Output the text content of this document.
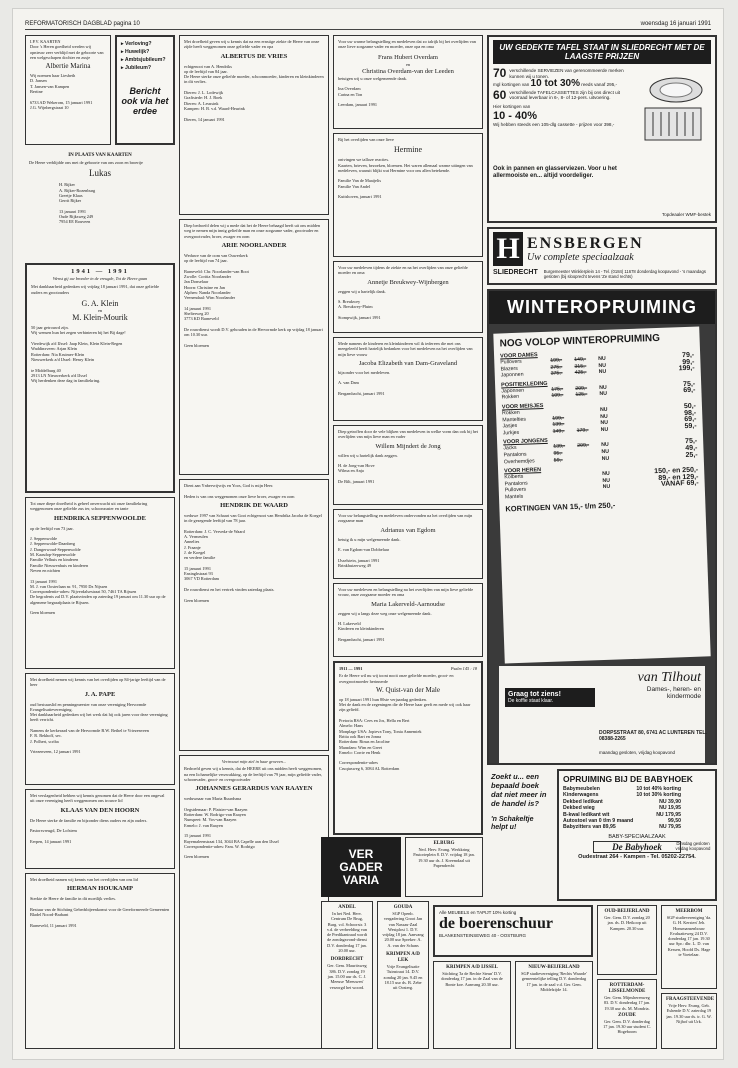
REFORMATORISCH DAGBLAD pagina 10	woensdag 16 januari 1991
I.P.V. KAARTEN
Door 's Heren goedheid werden wij opnieuw zeer verblijd met de geboorte van een welgeschapen dochter en zusje
Albertie Marina
Wij noemen haar Liesbeth
D. Jansen
T. Jansen-van Kampen
Bertine

6733 AD Wekerom, 15 januari 1991
J.G. Wijnbergstraat 10
▸ Verloving?
▸ Huwelijk?
▸ Ambtsjubileum?
▸ Jubileum?
Bericht ook via het erdee
IN PLAATS VAN KAARTEN
De Heere verblijdde ons met de geboorte van ons zoon en broertje
Lukas
H. Rijker
A. Rijker-Rozenburg
Greetje Klaas
Gerrit Rijker

13 januari 1991
Oude Rijksweg 249
7954 EE Rouveen
1941 — 1991
Wenst gij uw broeder in de vreugde, Tot de Heere gaan
Met dankbaarheid gedenken wij vrijdag 18 januari 1991, dat onze geliefde ouders en grootouders
G. A. Klein
en
M. Klein-Mourik
50 jaar getrouwd zijn.
Wij wensen hun het zegen verbinteren bij het Bij dage!

Vierdewijk a/d IJssel: Jaap Klein, Klein Klein-Regen
Waddinxveen: Arjan Klein
Rotterdam: Nia Kruimer-Klein
Nieuwerkerk a/d IJssel: Henry Klein

te Middelburg 40
2913 LN Nieuwerkerk a/d IJssel
Wij herdenken deze dag in familiekring.
Tot onze diepe droefheid is geheel onverwacht uit onze familiekring weggenomen onze geliefde zus ter, schoonzuster en tante
HENDRIKA SEPPENWOOLDE
op de leeftijd van 73 jaar.

J. Seppenwolde
J. Seppenwolde-Daanberg
J. Dangerwoud-Seppenwolde
M. Kaasdop-Seppenwolde
Familie Velhuis en kinderen
Familie Nieuwenhuis en kinderen
Neven en nichten

13 januari 1991
M. J. van Oosterlaan nr. 91, 7950 Dz Nijssen
Correspondentie-adres: Nijverdalsestraat 50, 7461 TA Rijssen
De begrafenis zal D.V. plaatsvinden op zaterdag 19 januari om 11.30 uur op de algemene begraafplaats te Rijssen.

Geen bloemen
Met droefheid nemen wij kennis van het overlijden op 84-jarige leeftijd van de heer
J. A. PAPE
oud bestuurslid en penningmeester van onze vereniging Hervormde Evangelisatievereniging.
Met dankbaarheid gedenken wij het werk dat hij ook jaren voor deze vereniging heeft verricht.

Namens de kerkeraad van de Hervormde B.W. Bethel te Vriezenveen
F. R. Bekhoff, sec.
J. Polhert, scriba

Vriezenveen, 12 januari 1991
Met verslagenheid hebben wij kennis genomen dat de Heere door een ongeval uit onze vereniging heeft weggenomen ons trouwe lid
KLAAS VAN DEN HOORN
De Heere sterke de familie en bijzonder diens ouders en zijn ouders.

Pastorsvreugd, De Lofstem

Eerpen, 14 januari 1991
Met droefheid namen wij kennis van het overlijden van ons lid
HERMAN HOUKAMP
Sterkte de Heere de familie in dit moeilijk verlies.

Bestuur van de Stichting Gebedsbijeenkomst voor de Gereformeerde Gemeenten Bladel Noord-Brabant

Barneveld, 11 januari 1991
Met droefheid geven wij u kennis dat na een ernstige ziekte de Heere van onze zijde heeft weggenomen onze geliefde vader en opa
ALBERTUS DE VRIES
echtgenoot van A. Hendriks
op de leeftijd van 84 jaar.
De Heere sterke onze geliefde moeder, schoonmoeder, kinderen en kleinkinderen in dit verlies.

Dieren: J. L. Lodewijk
Graftstede: H. J. Boek
Dieren: A. Leussink
Kampen: H. B. v.d. Waard-Heurink

Dieren, 14 januari 1991
Diep bedroefd delen wij u mede dat het de Heere behaagd heeft uit ons midden weg te nemen mijn innig geliefde man en onze zorgzame vader, grootvader en overgrootvader, broer, zwager en oom
ARIE NOORLANDER
Weduwe van de oom van Ouwerkerk
op de leeftijd van 74 jaar.

Barneveld: Chr. Noorlander-van Boot
Zwolle: Coritia Noorlander
Jan Donselaar
Hoorn: Christine en Jan
Alphen: Nanda Noorlander
Veenendaal: Wim Noorlander

14 januari 1991
Shelterweg 20
3773 KD Barneveld

De rouwdienst wordt D.V. gehouden in de Hervormde kerk op vrijdag 18 januari om 10.30 uur.

Geen bloemen
Dient aan Ynbervrijvrijs en Yoos, God is mijn Heer.

Heden is van ons weggenomen onze lieve broer, zwager en oom
HENDRIK DE WAARD
weduwe 1997 van Schaart van Gooi echtgenoot van Hendrika Jacoba de Koegel
in de gezegende leeftijd van 78 jaar.

Rotterdam: J. C. Verveda-de Waard
A. Vermeulen
Annelies
J. Fraanje
J. de Koegel
en verdere familie

15 januari 1991
Ensinghstraat 93
3067 VD Rotterdam

De rouwdienst en het vertrek vinden zaterdag plaats.

Geen bloemen
Vertrouwt mijn ziel in haar groeven...
Bedroefd geven wij u kennis, dat de HEERE uit ons midden heeft weggenomen, na een lichamelijke verzwakking, op de leeftijd van 79 jaar, mijn geliefde vader, schoonvader, groot- en overgrootvader
JOHANNES GERARDUS VAN RAAYEN
weduwnaar van Maria Ruurdsma

Oegstdemaar: P. Plaisier-van Raayen
Rotterdam: W. Rodrigo-van Raayen
Nunspeet: M. Vos-van Raayen
Ermelo: J. van Raayen

15 januari 1991
Rayemaleenstraat 134, 3044 BA Capelle aan den IJssel
Correspondentie-adres: Fam. W. Rodrigo

Geen bloemen
Voor uw warme belangstelling en medeleven dat zo talrijk bij het overlijden van onze lieve zorgzame vader en moeder, onze opa en oma
Frans Hubert Overdam
en
Christina Overdam-van der Leeden
betuigen wij u onze welgemeende dank.

Ina Overdam
Carina en Ton

Leerdam, januari 1991
Bij het overlijden van onze lieve
Hermine
ontvingen we talloze reacties.
Kaarten, brieven, bezoeken, bloemen. Het waren allemaal warme uitingen van medeleven, waaruit blijkt wat Hermine voor ons allen betekende.

Familie Van de Maaijelis
Familie Van Andel

Kuttshoven, januari 1991
Voor uw medeleven tijdens de ziekte en na het overlijden van onze geliefde moeder en oma
Annetje Breukwey-Wijnbergen
zeggen wij u hartelijk dank.

S. Breukwey
A. Breukwey-Pluim

Stompwijk, januari 1991
Mede namens de kinderen en kleinkinderen wil ik iedereen die met ons meegeleefd heeft hartelijk bedanken voor het medeleven na het overlijden van mijn lieve vrouw
Jacoba Elizabeth van Dam-Graveland
bijzonder voor het medeleven.

A. van Dam

Bergambacht, januari 1991
Diep getroffen door de vele blijken van medeleven in welke vorm dan ook bij het overlijden van mijn lieve man en vader
Willem Mijndert de Jong
willen wij u hartelijk dank zeggen.

H. de Jong-van Hove
Wilma en Anja

De Bilt, januari 1991
Voor uw belangstelling en medeleven ondervonden na het overlijden van mijn zorgzame man
Adrianus van Egdom
betuig ik u mijn welgemeende dank.

E. van Egdom-van Dobbelaar

IJsselstein, januari 1991
Brinkhuizerweg 49
Voor uw medeleven en belangstelling na het overlijden van mijn lieve geliefde vrouw, onze zorgzame moeder en oma
Maria Lakerveld-Aarnoudse
zeggen wij u langs deze weg onze welgemeende dank.

H. Lakerveld
Kinderen en kleinkinderen

Bergambacht, januari 1991
1911 — 1991	Psalm 145 : 18
Er de Heere wil nu wij toont nooit onze geliefde moeder, groot- en overgrootmoeder herinnerde
W. Quist-van der Male
op 18 januari 1991 hun 80ste verjaardag gedenken.
Met de dank en de zegeningen die de Heere haar geeft en mede wij ook haar zijn geliefd.

Pretoria RSA: Cees en Jos, Hella en Bert
Almelo: Hans
Monplage USA: Jopieva Tony, Tonia Annemiek
Britta ook Bart en Jonna
Rotterdam: Rinus en Jacoline
Maasdam: Wim en Greet
Ermelo: Corrie en Henk

Correspondentie-adres
Cruqiusweg 6, 3084 AL Rotterdam
VER GADER VARIA
ELBURG
Ned. Herv. Evang. Werkkring Pastorieplein 8. D.V. vrijdag 18 jan. 19.30 uur ds. J. Kreemdaal uit Papendrecht
ANDEL
In het Ned. Herv. Centrum De Brug, Burg. v.d. Schoorstr. 3 v.d. de verbeelding van de Predikantraad wordt de zondagavond-dienst D.V. donderdag 17 jan. 20.00 uur.
DORDRECHT
Ger. Gem. Mauritsweg 386. D.V. zondag 19 jan. 15.00 uur ds. C. J. Meeuse 'Meeuwen' verzorgd het woord.
GOUDA
SGP Openb. vergadering Groot Jan van Nassau-Zaal Westplosi 1. D.V. vrijdag 18 jan. Aanvang 20.00 uur Spreker: A. A. van der Schans
KRIMPEN A/D LEK
Vrije Evangelisatie Tuinstraat 14. D.V. zondag 20 jan. 9.45 en 18.15 uur ds. B. Zebe uit Oosterg.
UW GEDEKTE TAFEL STAAT IN SLIEDRECHT MET DE LAAGSTE PRIJZEN
70 verschillende SERVIEZEN van gerenommeerde merken kunnen wij u tonen.
mgl kortingen van 10 tot 30% reeds vanaf 295,-
60 verschillende TAFELCASSETTES zijn bij ons direct uit voorraad leverbaar in 6-, 8- of 12-pers. uitvoering.
Hier kortingen van
10 - 40%
Wij hebben steeds een 105-dlg cassette - prijzen voor 398,-
Ook in pannen en glasserviezen. Voor u het allermooiste en... altijd voordeliger.
Topdeaaler WMF-bestek
H ENSBERGEN
Uw complete speciaalzaak
SLIEDRECHT Burgemeester Winklerplein 14 - Tel. (0184) 11678 donderdag koopavond - 's maandags gesloten (bij slooprecht tevens 'Ze stand rechts)
WINTEROPRUIMING
NOG VOLOP WINTEROPRUIMING
VOOR DAMES
Pullovers	199,-	149,-	NU	79,-
Blazers	275,-	315,-	NU	99,-
Japonnen	375,-	425,-	NU	199,-
POSITIEKLEDING
Japonnen	175,-	209,-	NU	75,-
Rokken	109,-	125,-	NU	69,-
VOOR MEISJES
Rokken	NU	50,-
Mantelties	199,-	NU	98,-
Jasjes	139,-	NU	69,-
Jurkjes	149,-	179,-	NU	59,-
VOOR JONGENS
Jacks	139,-	209,-	NU	75,-
Pantalons	95,-	NU	49,-
Overhemdjes	59,-	NU	25,-
VOOR HEREN
Kolberts	NU	150,- en 250,-
Pantalons	NU	89,- en 129,-
Pullovers	NU	VANAF 69,-
Mantels
KORTINGEN VAN 15,- t/m 250,-
van Tilhout
Dames-, heren- en kindermode
Graag tot ziens!
De koffie staat klaar.
DORPSSTRAAT 80, 6741 AC LUNTEREN TEL. 08388-2265
maandag gesloten, vrijdag koopavond
Zoekt u... een bepaald boek dat niet meer in de handel is?
'n Schakeltje helpt u!
OPRUIMING BIJ DE BABYHOEK
Babymeubelen	10 tot 40% korting
Kinderwagens	10 tot 30% korting
Dekbed ledikant	NU 39,90
Dekbed wieg	NU 19,95
B-kwal ledikant wit	NU 179,95
Autostoel van 0 t/m 9 maand	99,50
Babyzitters van 89,95	NU 79,95
Dinsdag gesloten vrijdag koopavond
BABY-SPECIAALZAAK
De Babyhoek
Oudestraat 264 - Kampen - Tel. 05202-22754.
Alle MEUBELS en TAPIJT 10% korting
de boerenschuur
BLANKENSTEINSEWEG 40 - OOSTBURG
OUD-BEIJERLAND
Ger. Gem. D.V. zondag 20 jan. ds. D. Heikoop uit Kampen. 20.30 uur.
MEERBOM
SGP studievereniging 'da. G. H. Kersten' Jeh. Honsmansenbouw Evaluatieweg 24 D.V. donderdag 17 jan. 19.30 uur Spr.: dhr. L. D. van Kessen, Hoofd Ds. Hage te Voetelaar.
KRIMPEN A/D IJSSEL
Stichting 'Ja de Rechte Steun' D.V. donderdag 17 jan. in de Zaal van de Bonte koe. Aanvang 20.30 uur.
NIEUW-BEIJERLAND
SGP studievereniging 'Rechts Waarde' gemeentelijke telling D.V. donderdag 17 jan. in de zaal v.d. Ger. Gem. Middelzijde 14.
ROTTERDAM-LISSELMONDE
Ger. Gem. Mijnsherenweg 83. D.V. donderdag 17 jan. 19.30 uur ds. M. Mondria.
ZOUDE
Ger. Gem. D.V. donderdag 17 jan. 19.30 uur student C. Hogeboom
FRAAGSTEEVENDE
Vrije Herv. Evang. Geb. Eshende D.V. zaterdag 19 jan. 19.30 uur ds. ir. G. W. Nijhof uit Urk.
